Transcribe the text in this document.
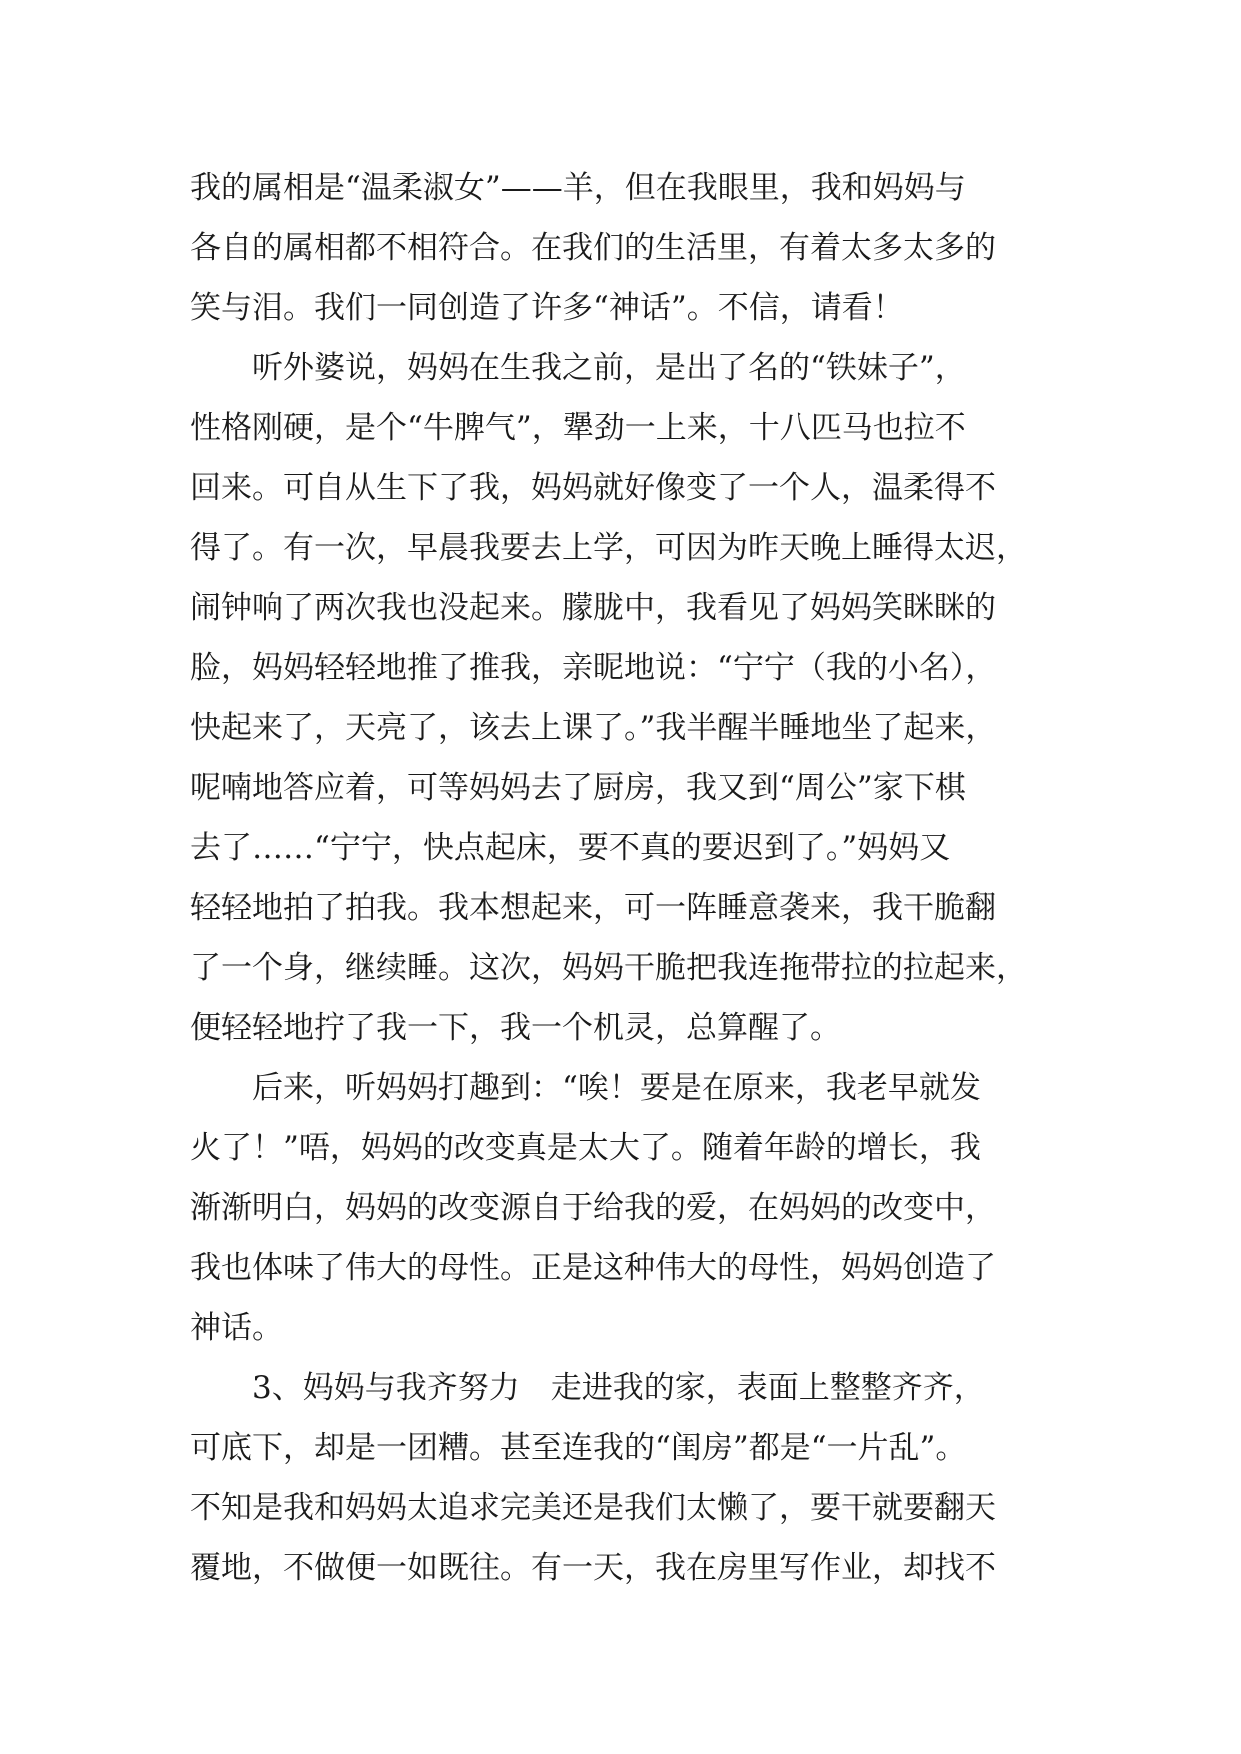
我的属相是“温柔淑女”——羊，但在我眼里，我和妈妈与
各自的属相都不相符合。在我们的生活里，有着太多太多的
笑与泪。我们一同创造了许多“神话”。不信，请看！
听外婆说，妈妈在生我之前，是出了名的“铁妹子”，
性格刚硬，是个“牛脾气”，犟劲一上来，十八匹马也拉不
回来。可自从生下了我，妈妈就好像变了一个人，温柔得不
得了。有一次，早晨我要去上学，可因为昨天晚上睡得太迟，
闹钟响了两次我也没起来。朦胧中，我看见了妈妈笑眯眯的
脸，妈妈轻轻地推了推我，亲昵地说：“宁宁（我的小名），
快起来了，天亮了，该去上课了。”我半醒半睡地坐了起来，
呢喃地答应着，可等妈妈去了厨房，我又到“周公”家下棋
去了……“宁宁，快点起床，要不真的要迟到了。”妈妈又
轻轻地拍了拍我。我本想起来，可一阵睡意袭来，我干脆翻
了一个身，继续睡。这次，妈妈干脆把我连拖带拉的拉起来，
便轻轻地拧了我一下，我一个机灵，总算醒了。
后来，听妈妈打趣到：“唉！要是在原来，我老早就发
火了！”唔，妈妈的改变真是太大了。随着年龄的增长，我
渐渐明白，妈妈的改变源自于给我的爱，在妈妈的改变中，
我也体味了伟大的母性。正是这种伟大的母性，妈妈创造了
神话。
3、妈妈与我齐努力　走进我的家，表面上整整齐齐，
可底下，却是一团糟。甚至连我的“闺房”都是“一片乱”。
不知是我和妈妈太追求完美还是我们太懒了，要干就要翻天
覆地，不做便一如既往。有一天，我在房里写作业，却找不
